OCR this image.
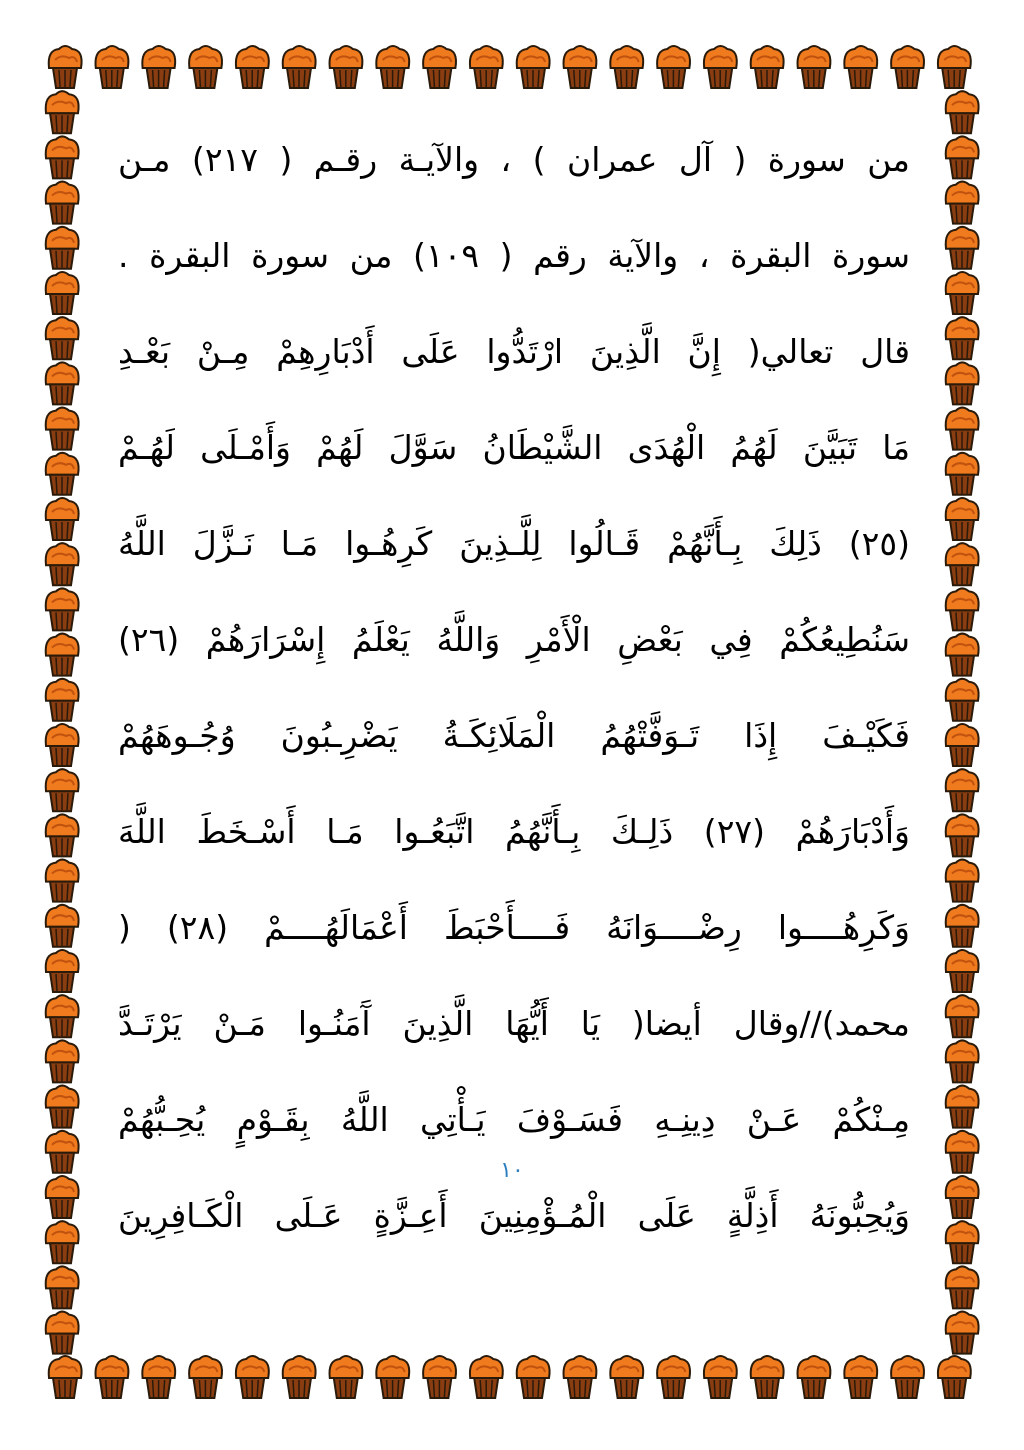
من سورة ( آل عمران ) ، والآيـة رقـم ( ٢١٧) مـن
سورة البقرة ، والآية رقم ( ١٠٩) من سورة البقرة .
قال تعالي( إِنَّ الَّذِينَ ارْتَدُّوا عَلَى أَدْبَارِهِمْ مِـنْ بَعْـدِ
مَا تَبَيَّنَ لَهُمُ الْهُدَى الشَّيْطَانُ سَوَّلَ لَهُمْ وَأَمْـلَى لَهُـمْ
(٢٥) ذَلِكَ بِـأَنَّهُمْ قَـالُوا لِلَّـذِينَ كَرِهُـوا مَـا نَـزَّلَ اللَّهُ
سَنُطِيعُكُمْ فِي بَعْضِ الْأَمْرِ وَاللَّهُ يَعْلَمُ إِسْرَارَهُمْ (٢٦)
فَكَيْـفَ إِذَا تَـوَفَّتْهُمُ الْمَلَائِكَـةُ يَضْرِـبُونَ وُجُـوهَهُمْ
وَأَدْبَارَهُمْ (٢٧) ذَلِـكَ بِـأَنَّهُمُ اتَّبَعُـوا مَـا أَسْـخَطَ اللَّهَ
وَكَرِهُــــوا رِضْــــوَانَهُ فَــــأَحْبَطَ أَعْمَالَهُــــمْ (٢٨) (
محمد)//وقال أيضا( يَا أَيُّهَا الَّذِينَ آَمَنُـوا مَـنْ يَرْتَـدَّ
مِـنْكُمْ عَـنْ دِينِـهِ فَسَـوْفَ يَـأْتِي اللَّهُ بِقَـوْمٍ يُحِـبُّهُمْ
وَيُحِبُّونَهُ أَذِلَّةٍ عَلَى الْمُـؤْمِنِينَ أَعِـزَّةٍ عَـلَى الْكَـافِرِينَ
١٠
